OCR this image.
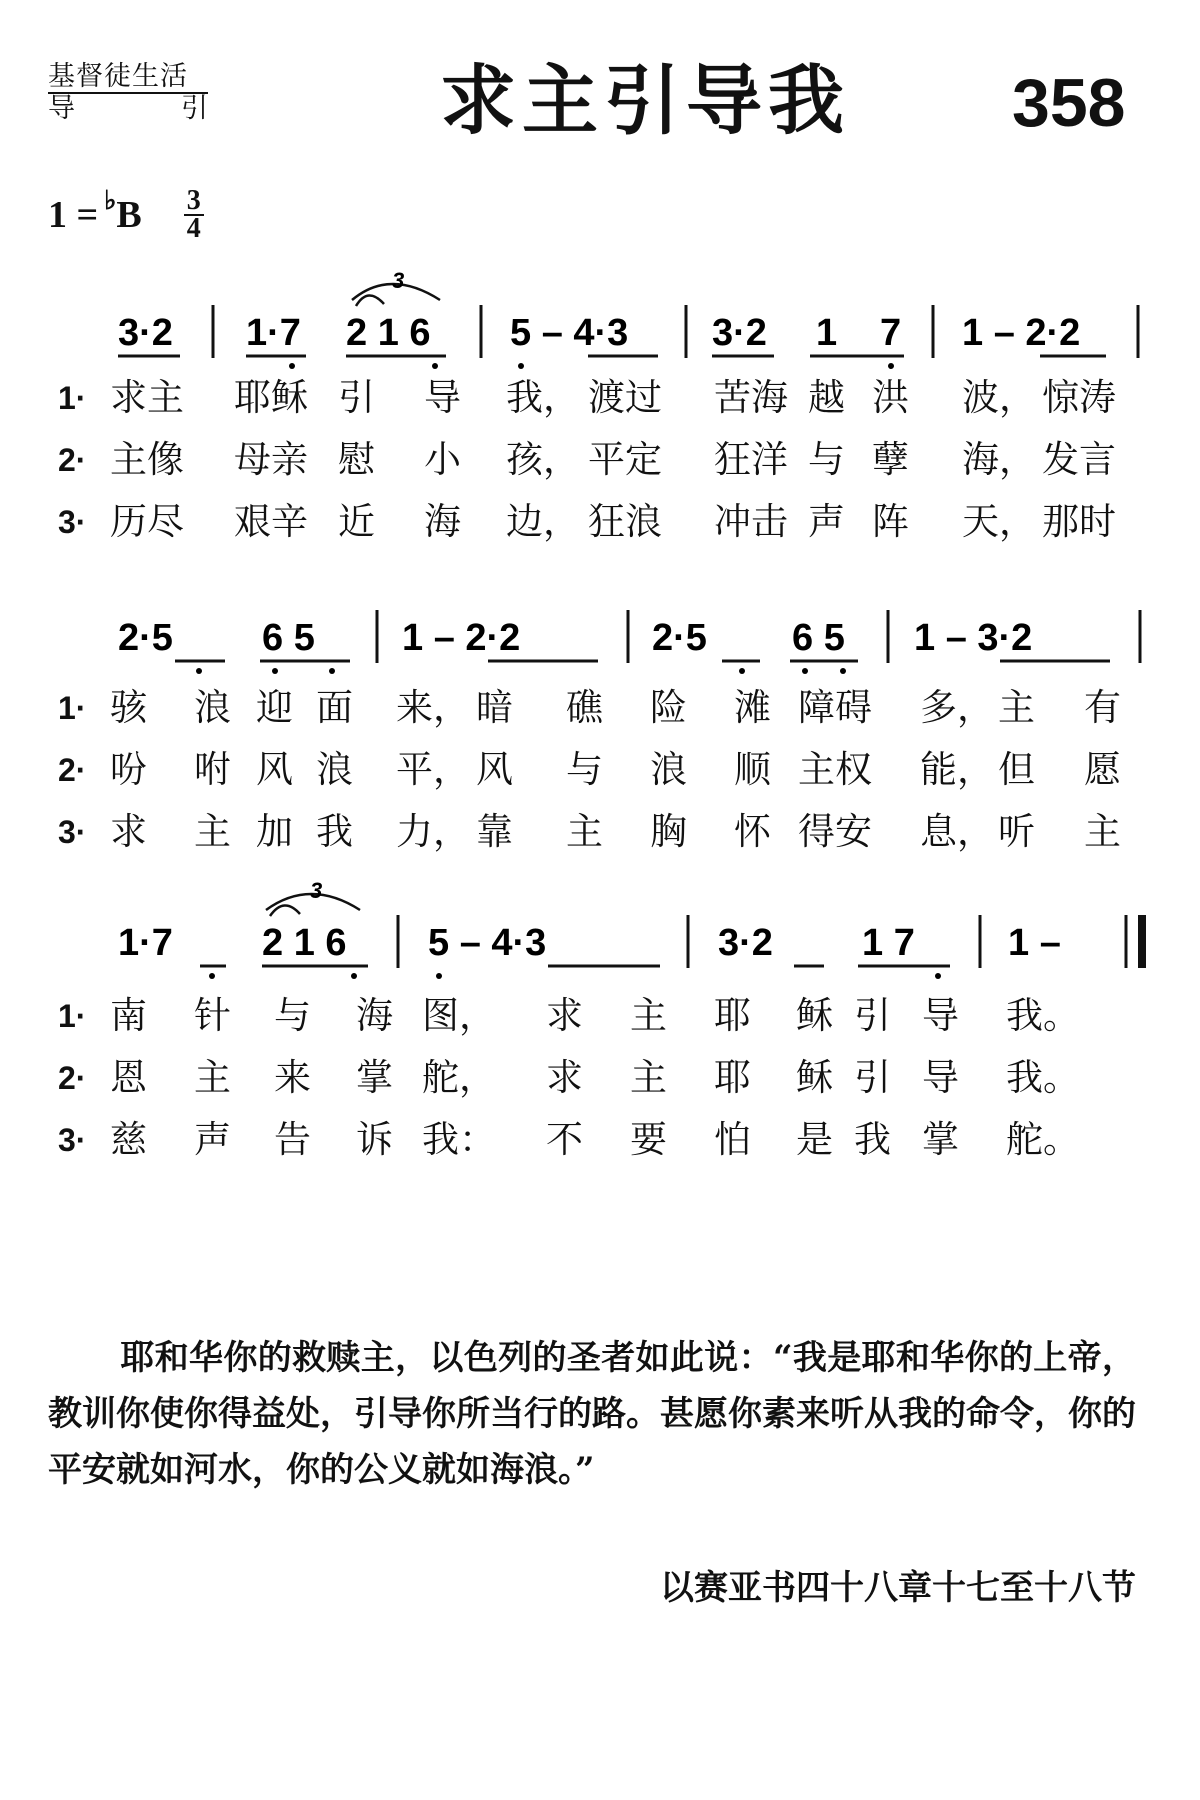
基督徒生活
导 引	求主引导我 358
1 = ♭ B 3
4
3·2 1·7 2 1 6
3
5 – 4·3 3·2 1 7 1 – 2·2
2·5 6 5 1 – 2·2	2·5 6 5 1 – 3·2
1·7 2 1 6
3
5 – 4·3	3·2 1 7 1 –
1· 求主 耶稣 引 导 我， 渡过 苦海 越 洪 波， 惊涛
2· 主像 母亲 慰 小 孩， 平定 狂洋 与 孽 海， 发言
3· 历尽 艰辛 近 海 边， 狂浪 冲击 声 阵 天， 那时
1· 骇 浪 迎 面 来， 暗 礁 险 滩 障碍 多， 主 有
2· 吩 咐 风 浪 平， 风 与 浪 顺 主权 能， 但 愿
3· 求 主 加 我 力， 靠 主 胸 怀 得安 息， 听 主
1· 南 针 与 海 图， 求 主 耶 稣 引 导 我。
2· 恩 主 来 掌 舵， 求 主 耶 稣 引 导 我。
3· 慈 声 告 诉 我： 不 要 怕 是 我 掌 舵。
耶和华你的救赎主，以色列的圣者如此说：“我是耶和华你的上帝，教训你使你得益处，引导你所当行的路。甚愿你素来听从我的命令，你的平安就如河水，你的公义就如海浪。”
以赛亚书四十八章十七至十八节
